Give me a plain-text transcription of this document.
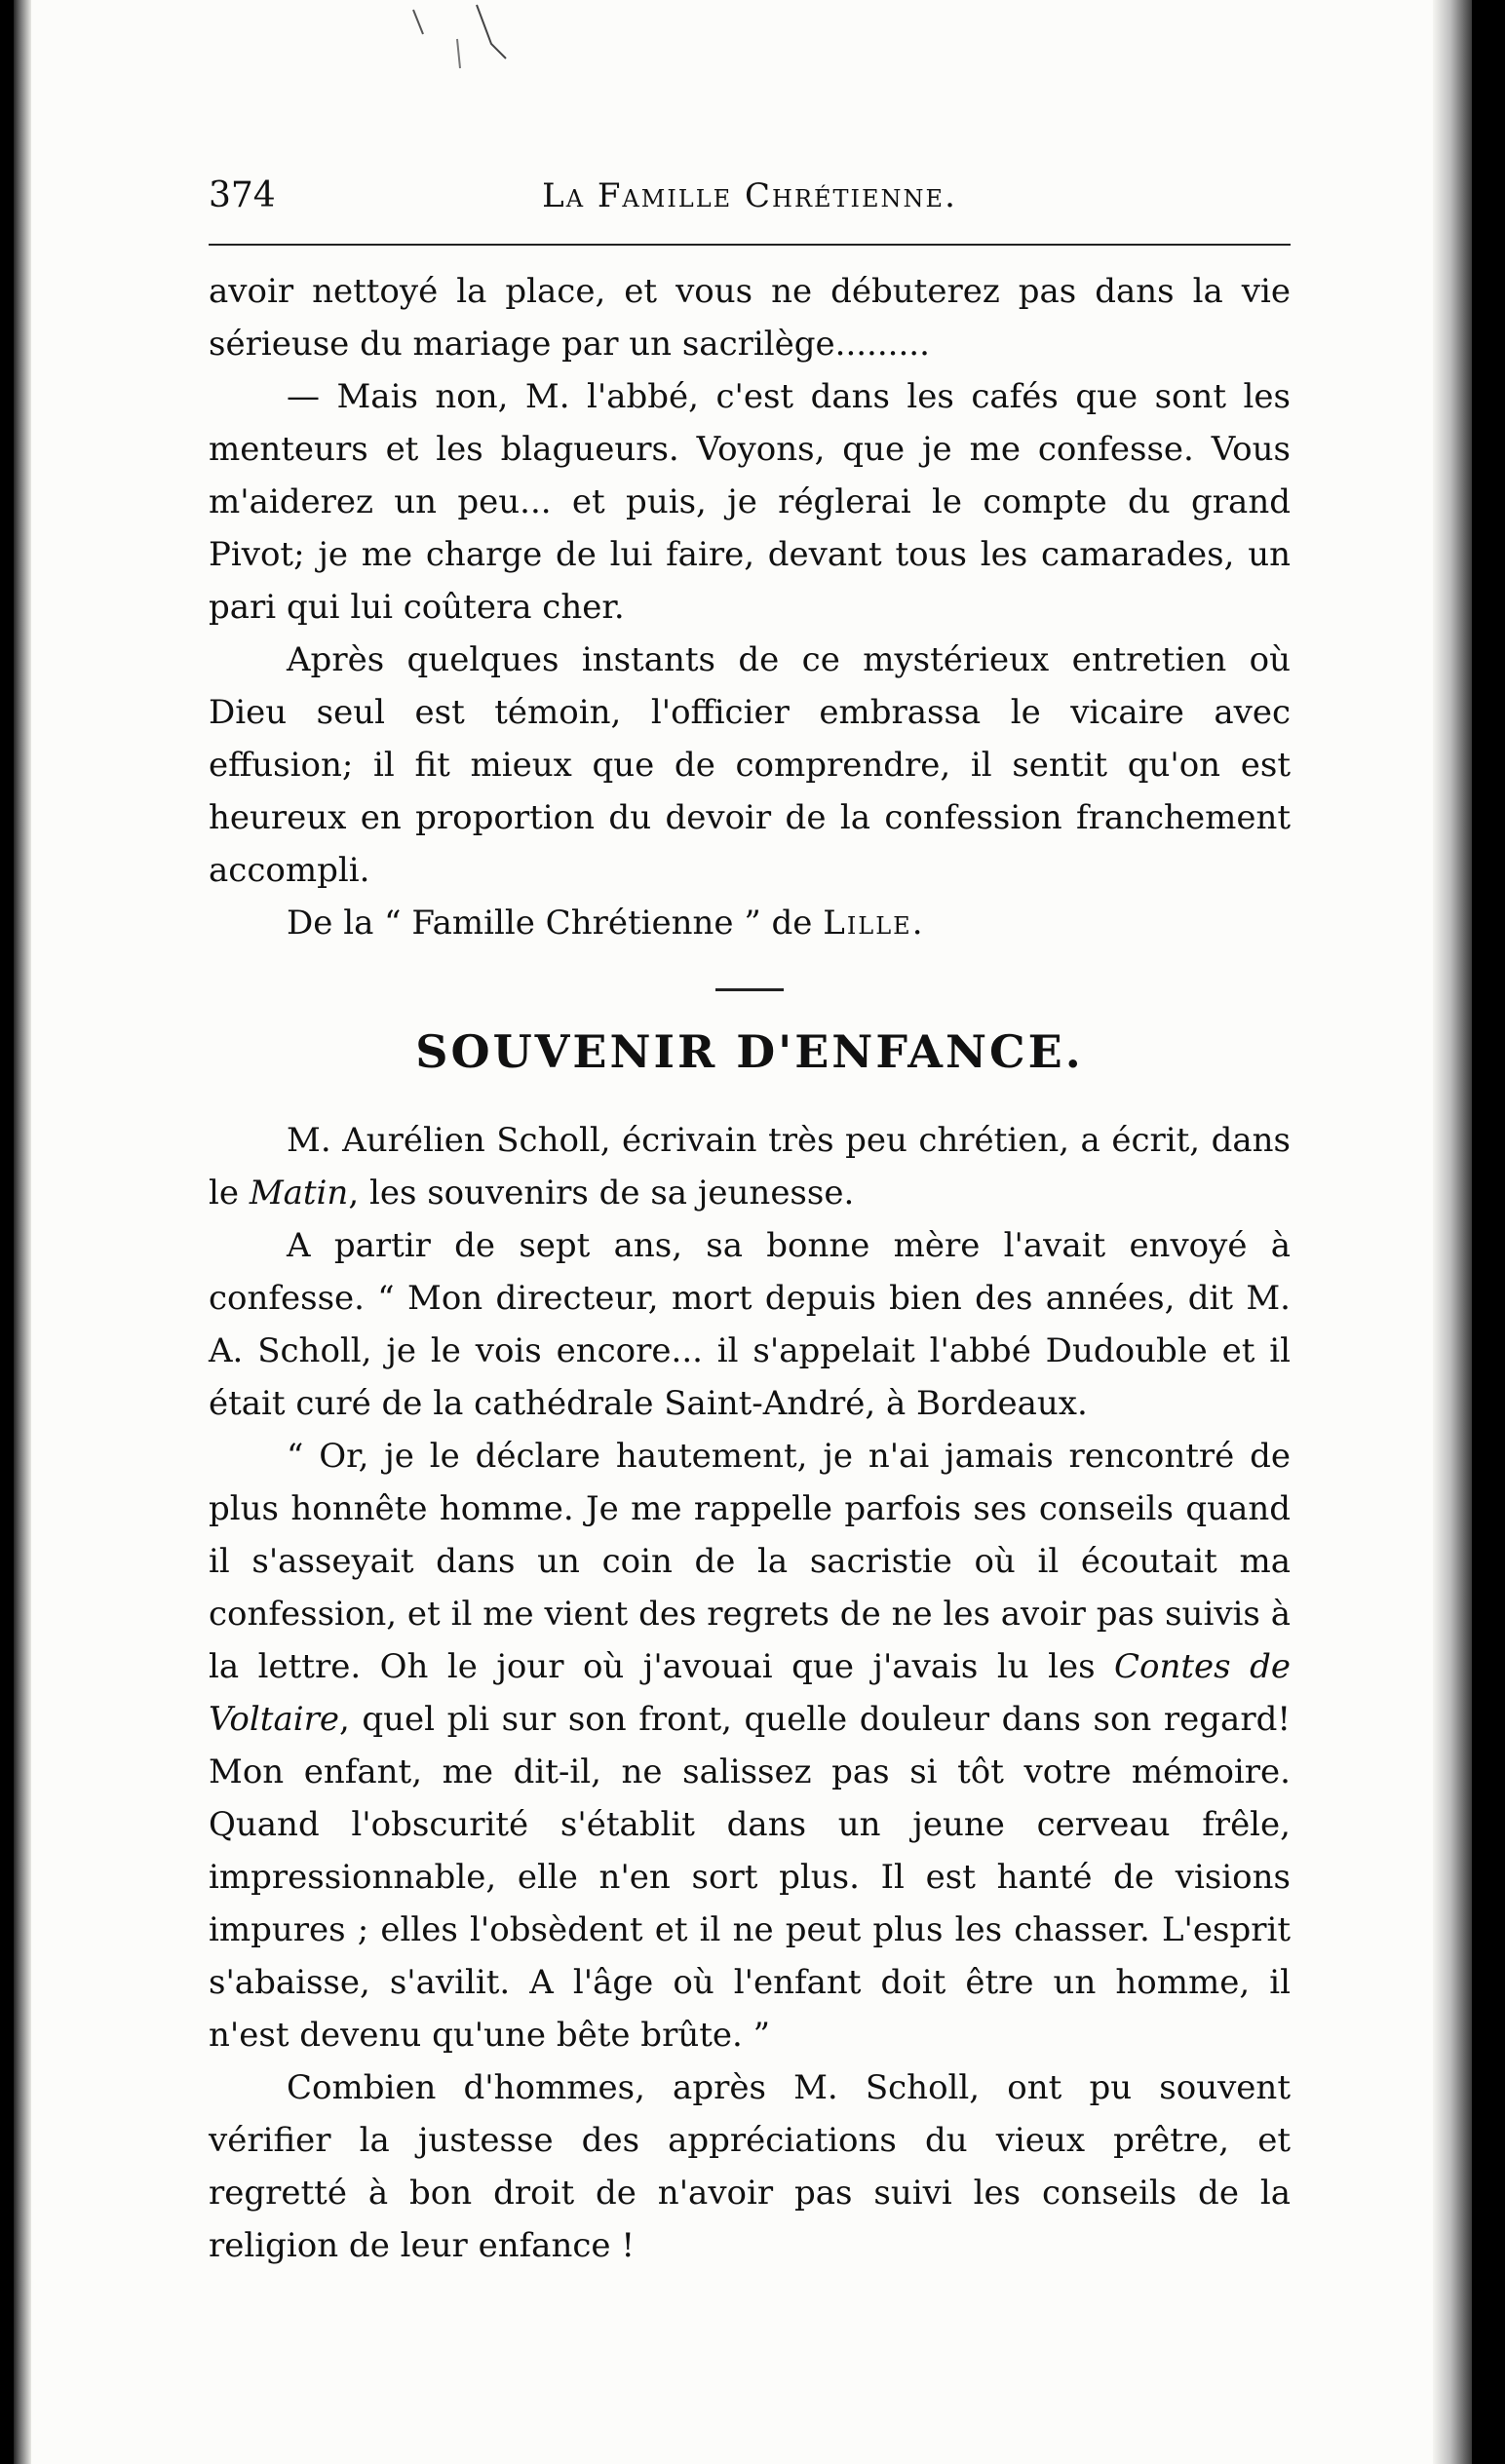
374	La Famille Chrétienne.

avoir nettoyé la place, et vous ne débuterez pas dans la vie sérieuse du mariage par un sacrilège.........

— Mais non, M. l'abbé, c'est dans les cafés que sont les menteurs et les blagueurs. Voyons, que je me confesse. Vous m'aiderez un peu... et puis, je réglerai le compte du grand Pivot; je me charge de lui faire, devant tous les camarades, un pari qui lui coûtera cher.

Après quelques instants de ce mystérieux entretien où Dieu seul est témoin, l'officier embrassa le vicaire avec effusion; il fit mieux que de comprendre, il sentit qu'on est heureux en proportion du devoir de la confession franchement accompli.

De la “ Famille Chrétienne ” de Lille.

SOUVENIR D'ENFANCE.

M. Aurélien Scholl, écrivain très peu chrétien, a écrit, dans le Matin, les souvenirs de sa jeunesse.

A partir de sept ans, sa bonne mère l'avait envoyé à confesse. “ Mon directeur, mort depuis bien des années, dit M. A. Scholl, je le vois encore... il s'appelait l'abbé Dudouble et il était curé de la cathédrale Saint-André, à Bordeaux.

“ Or, je le déclare hautement, je n'ai jamais rencontré de plus honnête homme. Je me rappelle parfois ses conseils quand il s'asseyait dans un coin de la sacristie où il écoutait ma confession, et il me vient des regrets de ne les avoir pas suivis à la lettre. Oh le jour où j'avouai que j'avais lu les Contes de Voltaire, quel pli sur son front, quelle douleur dans son regard! Mon enfant, me dit-il, ne salissez pas si tôt votre mémoire. Quand l'obscurité s'établit dans un jeune cerveau frêle, impressionnable, elle n'en sort plus. Il est hanté de visions impures ; elles l'obsèdent et il ne peut plus les chasser. L'esprit s'abaisse, s'avilit. A l'âge où l'enfant doit être un homme, il n'est devenu qu'une bête brûte. ”

Combien d'hommes, après M. Scholl, ont pu souvent vérifier la justesse des appréciations du vieux prêtre, et regretté à bon droit de n'avoir pas suivi les conseils de la religion de leur enfance !
